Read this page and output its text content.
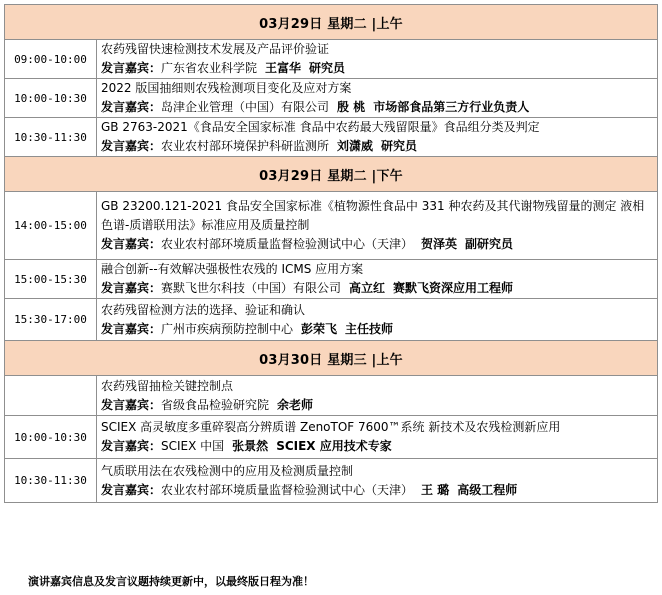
03月29日 星期二 |上午	
09:00-10:00	农药残留快速检测技术发展及产品评价验证
发言嘉宾：广东省农业科学院 王富华 研究员

10:00-10:30	2022 版国抽细则农残检测项目变化及应对方案
发言嘉宾：岛津企业管理（中国）有限公司 殷 桃 市场部食品第三方行业负责人

10:30-11:30	GB 2763-2021《食品安全国家标准 食品中农药最大残留限量》食品组分类及判定
发言嘉宾：农业农村部环境保护科研监测所 刘潇威 研究员

03月29日 星期二 |下午	
14:00-15:00	GB 23200.121-2021 食品安全国家标准《植物源性食品中 331 种农药及其代谢物残留量的测定 液相色谱-质谱联用法》标准应用及质量控制
发言嘉宾：农业农村部环境质量监督检验测试中心（天津） 贺泽英 副研究员

15:00-15:30	融合创新--有效解决强极性农残的 ICMS 应用方案
发言嘉宾：赛默飞世尔科技（中国）有限公司 高立红 赛默飞资深应用工程师

15:30-17:00	农药残留检测方法的选择、验证和确认
发言嘉宾：广州市疾病预防控制中心 彭荣飞 主任技师

03月30日 星期三 |上午	

	农药残留抽检关键控制点
发言嘉宾：省级食品检验研究院 余老师

10:00-10:30	SCIEX 高灵敏度多重碎裂高分辨质谱 ZenoTOF 7600™系统 新技术及农残检测新应用
发言嘉宾：SCIEX 中国 张景然 SCIEX 应用技术专家

10:30-11:30	气质联用法在农残检测中的应用及检测质量控制
发言嘉宾：农业农村部环境质量监督检验测试中心（天津） 王 璐 高级工程师
演讲嘉宾信息及发言议题持续更新中，以最终版日程为准！
